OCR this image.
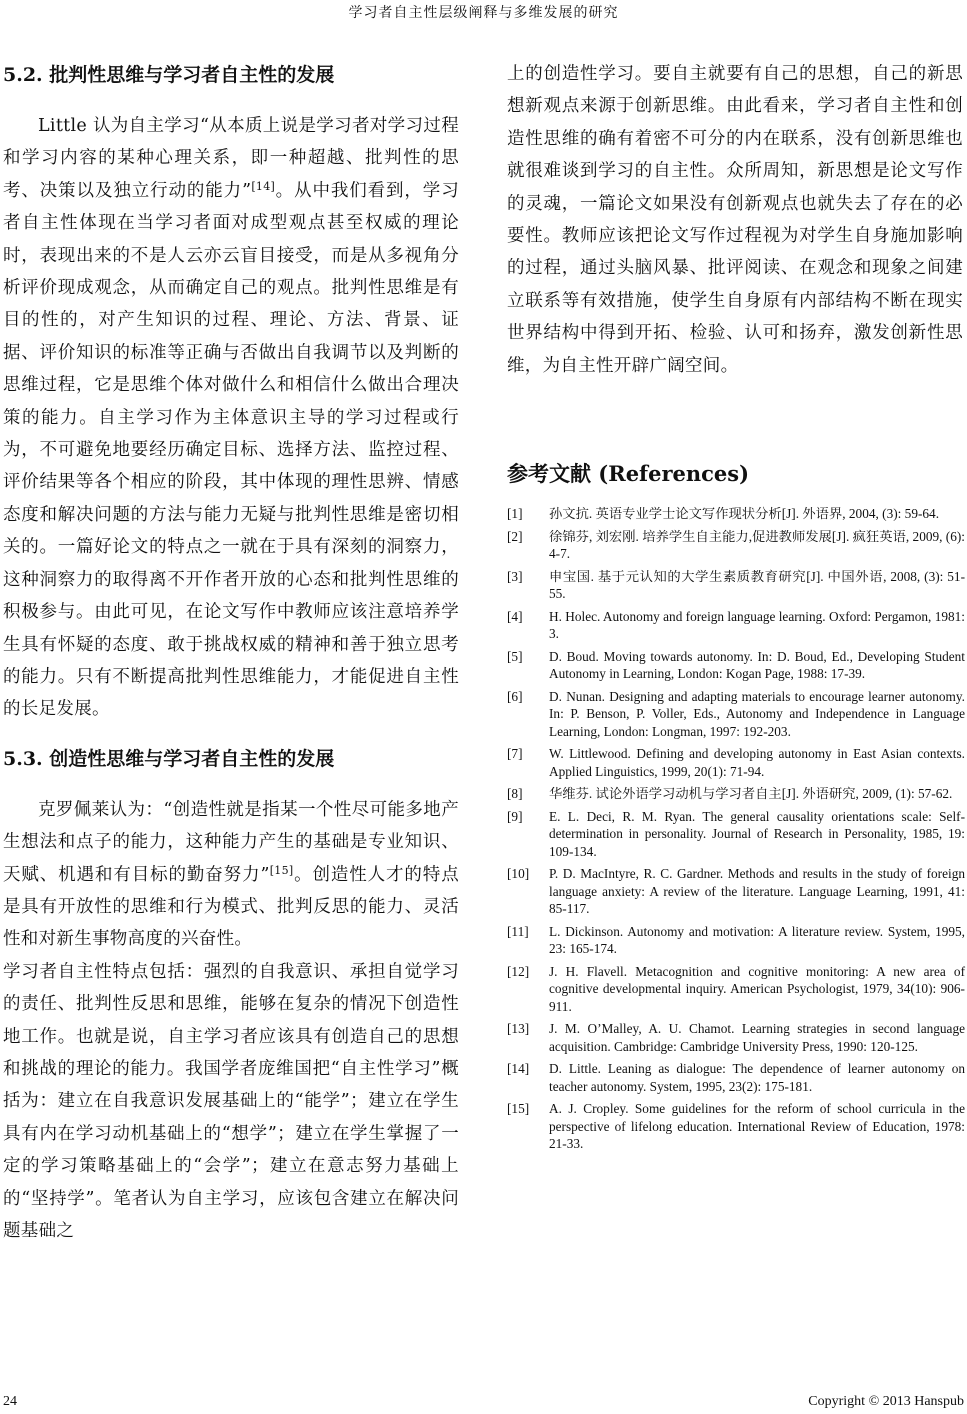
学习者自主性层级阐释与多维发展的研究
5.2. 批判性思维与学习者自主性的发展

Little 认为自主学习“从本质上说是学习者对学习过程和学习内容的某种心理关系，即一种超越、批判性的思考、决策以及独立行动的能力”[14]。从中我们看到，学习者自主性体现在当学习者面对成型观点甚至权威的理论时，表现出来的不是人云亦云盲目接受，而是从多视角分析评价现成观念，从而确定自己的观点。批判性思维是有目的性的，对产生知识的过程、理论、方法、背景、证据、评价知识的标准等正确与否做出自我调节以及判断的思维过程，它是思维个体对做什么和相信什么做出合理决策的能力。自主学习作为主体意识主导的学习过程或行为，不可避免地要经历确定目标、选择方法、监控过程、评价结果等各个相应的阶段，其中体现的理性思辨、情感态度和解决问题的方法与能力无疑与批判性思维是密切相关的。一篇好论文的特点之一就在于具有深刻的洞察力，这种洞察力的取得离不开作者开放的心态和批判性思维的积极参与。由此可见，在论文写作中教师应该注意培养学生具有怀疑的态度、敢于挑战权威的精神和善于独立思考的能力。只有不断提高批判性思维能力，才能促进自主性的长足发展。

5.3. 创造性思维与学习者自主性的发展

克罗佩莱认为：“创造性就是指某一个性尽可能多地产生想法和点子的能力，这种能力产生的基础是专业知识、天赋、机遇和有目标的勤奋努力”[15]。创造性人才的特点是具有开放性的思维和行为模式、批判反思的能力、灵活性和对新生事物高度的兴奋性。

学习者自主性特点包括：强烈的自我意识、承担自觉学习的责任、批判性反思和思维，能够在复杂的情况下创造性地工作。也就是说，自主学习者应该具有创造自己的思想和挑战的理论的能力。我国学者庞维国把“自主性学习”概括为：建立在自我意识发展基础上的“能学”；建立在学生具有内在学习动机基础上的“想学”；建立在学生掌握了一定的学习策略基础上的“会学”；建立在意志努力基础上的“坚持学”。笔者认为自主学习，应该包含建立在解决问题基础之

上的创造性学习。要自主就要有自己的思想，自己的新思想新观点来源于创新思维。由此看来，学习者自主性和创造性思维的确有着密不可分的内在联系，没有创新思维也就很难谈到学习的自主性。众所周知，新思想是论文写作的灵魂，一篇论文如果没有创新观点也就失去了存在的必要性。教师应该把论文写作过程视为对学生自身施加影响的过程，通过头脑风暴、批评阅读、在观念和现象之间建立联系等有效措施，使学生自身原有内部结构不断在现实世界结构中得到开拓、检验、认可和扬弃，激发创新性思维，为自主性开辟广阔空间。

参考文献 (References)
[1]	孙文抗. 英语专业学士论文写作现状分析[J]. 外语界, 2004, (3): 59-64.
[2]	徐锦芬, 刘宏刚. 培养学生自主能力,促进教师发展[J]. 疯狂英语, 2009, (6): 4-7.
[3]	申宝国. 基于元认知的大学生素质教育研究[J]. 中国外语, 2008, (3): 51-55.
[4]	H. Holec. Autonomy and foreign language learning. Oxford: Pergamon, 1981: 3.
[5]	D. Boud. Moving towards autonomy. In: D. Boud, Ed., Developing Student Autonomy in Learning, London: Kogan Page, 1988: 17-39.
[6]	D. Nunan. Designing and adapting materials to encourage learner autonomy. In: P. Benson, P. Voller, Eds., Autonomy and Independence in Language Learning, London: Longman, 1997: 192-203.
[7]	W. Littlewood. Defining and developing autonomy in East Asian contexts. Applied Linguistics, 1999, 20(1): 71-94.
[8]	华维芬. 试论外语学习动机与学习者自主[J]. 外语研究, 2009, (1): 57-62.
[9]	E. L. Deci, R. M. Ryan. The general causality orientations scale: Self-determination in personality. Journal of Research in Personality, 1985, 19: 109-134.
[10]	P. D. MacIntyre, R. C. Gardner. Methods and results in the study of foreign language anxiety: A review of the literature. Language Learning, 1991, 41: 85-117.
[11]	L. Dickinson. Autonomy and motivation: A literature review. System, 1995, 23: 165-174.
[12]	J. H. Flavell. Metacognition and cognitive monitoring: A new area of cognitive developmental inquiry. American Psychologist, 1979, 34(10): 906-911.
[13]	J. M. O’Malley, A. U. Chamot. Learning strategies in second language acquisition. Cambridge: Cambridge University Press, 1990: 120-125.
[14]	D. Little. Leaning as dialogue: The dependence of learner autonomy on teacher autonomy. System, 1995, 23(2): 175-181.
[15]	A. J. Cropley. Some guidelines for the reform of school curricula in the perspective of lifelong education. International Review of Education, 1978: 21-33.
24	Copyright © 2013 Hanspub
